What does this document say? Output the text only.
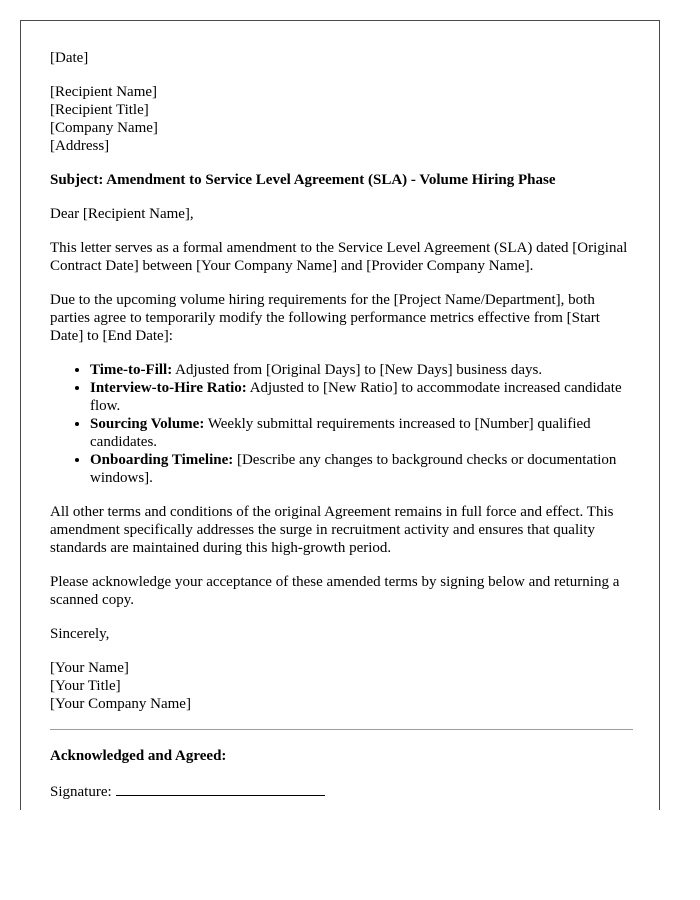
[Date]

[Recipient Name]

[Recipient Title]

[Company Name]

[Address]

Subject: Amendment to Service Level Agreement (SLA) - Volume Hiring Phase

Dear [Recipient Name],

This letter serves as a formal amendment to the Service Level Agreement (SLA) dated [Original Contract Date] between [Your Company Name] and [Provider Company Name].

Due to the upcoming volume hiring requirements for the [Project Name/Department], both parties agree to temporarily modify the following performance metrics effective from [Start Date] to [End Date]:

• Time-to-Fill: Adjusted from [Original Days] to [New Days] business days.
• Interview-to-Hire Ratio: Adjusted to [New Ratio] to accommodate increased candidate flow.
• Sourcing Volume: Weekly submittal requirements increased to [Number] qualified candidates.
• Onboarding Timeline: [Describe any changes to background checks or documentation windows].

All other terms and conditions of the original Agreement remains in full force and effect. This amendment specifically addresses the surge in recruitment activity and ensures that quality standards are maintained during this high-growth period.

Please acknowledge your acceptance of these amended terms by signing below and returning a scanned copy.

Sincerely,

[Your Name]

[Your Title]

[Your Company Name]

Acknowledged and Agreed:

Signature:
